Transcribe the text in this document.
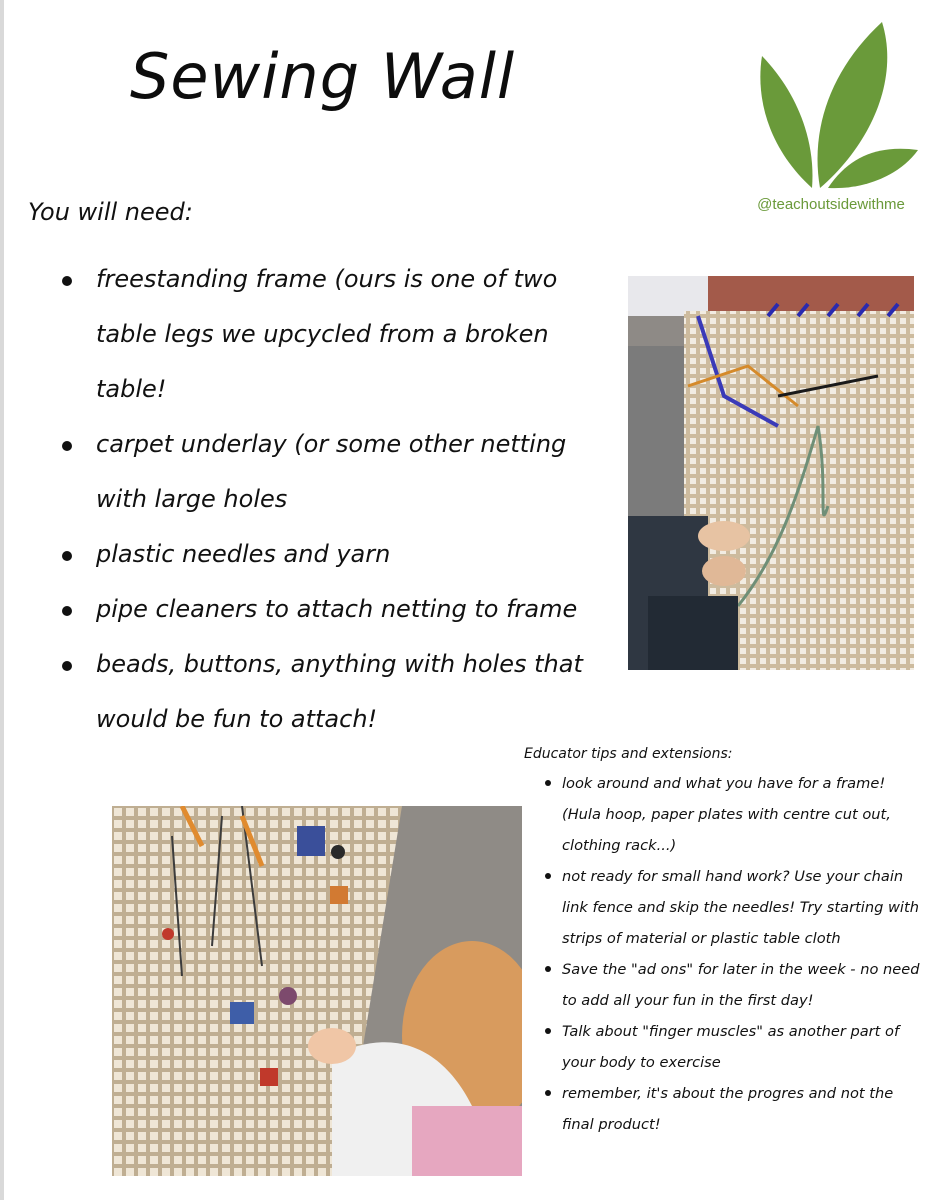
Sewing Wall
@teachoutsidewithme
You will need:
freestanding frame (ours is one of two table legs we upcycled from a broken table!
carpet underlay (or some other netting with large holes
plastic needles and yarn
pipe cleaners to attach netting to frame
beads, buttons, anything with holes that would be fun to attach!
Educator tips and extensions:
look around and what you have for a frame! (Hula hoop, paper plates with centre cut out, clothing rack...)
not ready for small hand work? Use your chain link fence and skip the needles! Try starting with strips of material or plastic table cloth
Save the "ad ons" for later in the week - no need to add all your fun in the first day!
Talk about "finger muscles" as another part of your body to exercise
remember, it's about the progres and not the final product!
